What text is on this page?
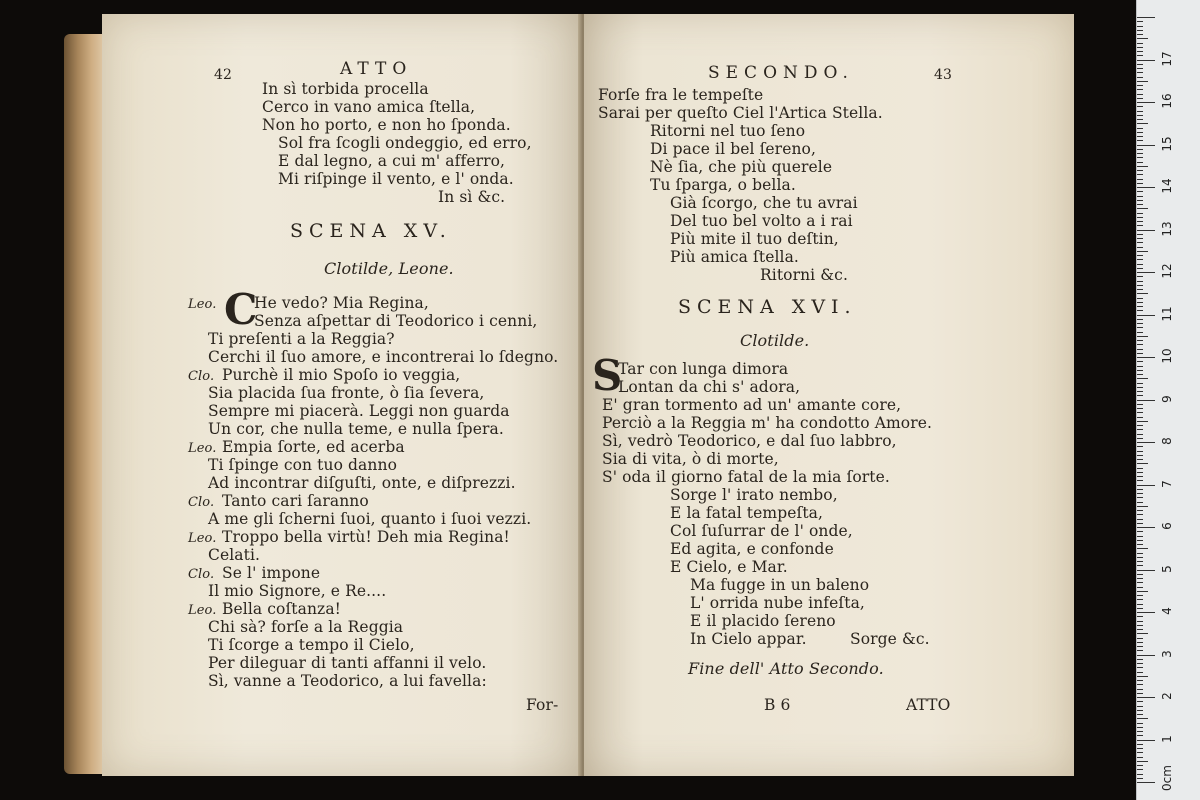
42	ATTO
In sì torbida procella
Cerco in vano amica ſtella,
Non ho porto, e non ho ſponda.
Sol fra ſcogli ondeggio, ed erro,
E dal legno, a cui m' afferro,
Mi riſpinge il vento, e l' onda.
In sì &c.
SCENA XV.
Clotilde, Leone.
C
Leo. He vedo? Mia Regina,
Senza aſpettar di Teodorico i cenni,
Ti preſenti a la Reggia?
Cerchi il ſuo amore, e incontrerai lo ſdegno.
Clo. Purchè il mio Spoſo io veggia,
Sia placida ſua fronte, ò ſia ſevera,
Sempre mi piacerà. Leggi non guarda
Un cor, che nulla teme, e nulla ſpera.
Leo. Empia ſorte, ed acerba
Ti ſpinge con tuo danno
Ad incontrar diſguſti, onte, e diſprezzi.
Clo. Tanto cari ſaranno
A me gli ſcherni ſuoi, quanto i ſuoi vezzi.
Leo. Troppo bella virtù! Deh mia Regina!
Celati.
Clo. Se l' impone
Il mio Signore, e Re....
Leo. Bella coſtanza!
Chi sà? forſe a la Reggia
Ti ſcorge a tempo il Cielo,
Per dileguar di tanti affanni il velo.
Sì, vanne a Teodorico, a lui favella:
For-
SECONDO.	43
Forſe fra le tempeſte
Sarai per queſto Ciel l'Artica Stella.
Ritorni nel tuo ſeno
Di pace il bel ſereno,
Nè ſia, che più querele
Tu ſparga, o bella.
Già ſcorgo, che tu avrai
Del tuo bel volto a i rai
Più mite il tuo deſtin,
Più amica ſtella.
Ritorni &c.
SCENA XVI.
Clotilde.
S
Tar con lunga dimora
Lontan da chi s' adora,
E' gran tormento ad un' amante core,
Perciò a la Reggia m' ha condotto Amore.
Sì, vedrò Teodorico, e dal ſuo labbro,
Sia di vita, ò di morte,
S' oda il giorno fatal de la mia ſorte.
Sorge l' irato nembo,
E la fatal tempeſta,
Col ſuſurrar de l' onde,
Ed agita, e confonde
E Cielo, e Mar.
Ma fugge in un baleno
L' orrida nube infeſta,
E il placido ſereno
In Cielo appar.	Sorge &c.
Fine dell' Atto Secondo.
B 6	ATTO
0cm
1
2
3
4
5
6
7
8
9
10
11
12
13
14
15
16
17
